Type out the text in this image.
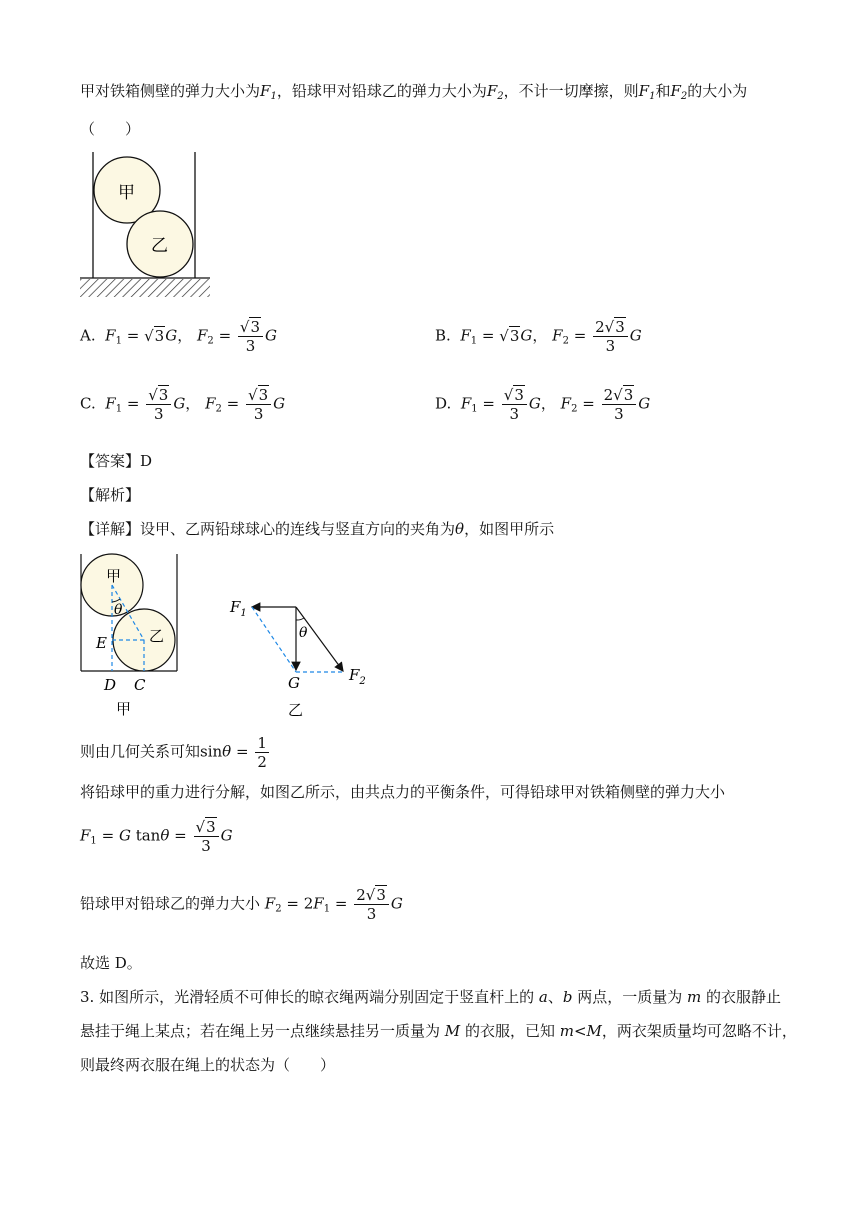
甲对铁箱侧壁的弹力大小为$F_1$，铅球甲对铅球乙的弹力大小为$F_2$，不计一切摩擦，则$F_1$和$F_2$的大小为
（　　）
甲
乙
A. $F_1 = √3G$， $F_2 = \frac{√3}{3}$ G	B. $F_1 = √3G$， $F_2 = \frac{2√3}{3}$ G
C. $F_1 = \frac{√3}{3}$ G， $F_2 = \frac{√3}{3}$ G	D. $F_1 = \frac{√3}{3}$ G， $F_2 = \frac{2√3}{3}$ G
【答案】D
【解析】
【详解】设甲、乙两铅球球心的连线与竖直方向的夹角为θ，如图甲所示
甲
θ
乙
E
D C
甲
$F_1$
θ
G	$F_2$
乙
则由几何关系可知$\sin\theta = \frac{1}{2}$
将铅球甲的重力进行分解，如图乙所示，由共点力的平衡条件，可得铅球甲对铁箱侧壁的弹力大小
$F_1 = G$ $\tan\theta = \frac{√3}{3}$ G
铅球甲对铅球乙的弹力大小 $F_2 = 2F_1 = \frac{2√3}{3}$ G
故选 D。
3. 如图所示，光滑轻质不可伸长的晾衣绳两端分别固定于竖直杆上的 a、b 两点，一质量为 m 的衣服静止
悬挂于绳上某点；若在绳上另一点继续悬挂另一质量为 M 的衣服，已知 m<M，两衣架质量均可忽略不计，
则最终两衣服在绳上的状态为（　　）
